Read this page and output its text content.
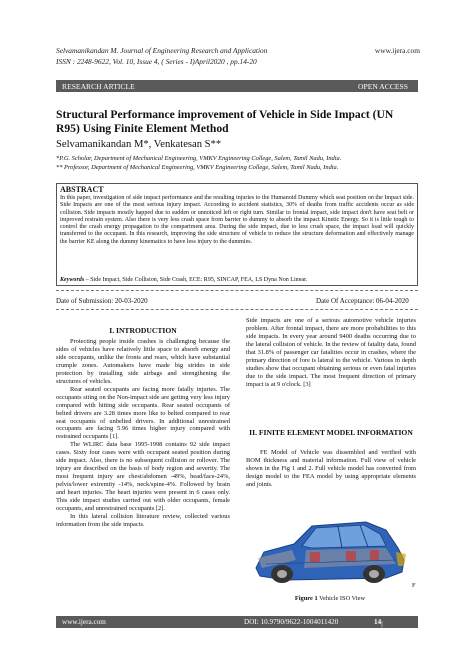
Selvamanikandan M. Journal of Engineering Research and Application	www.ijera.com
ISSN : 2248-9622, Vol. 10, Issue 4, ( Series - I)April2020 , pp.14-20
RESEARCH ARTICLE	OPEN ACCESS
Structural Performance improvement of Vehicle in Side Impact (UN R95) Using Finite Element Method
Selvamanikandan M*, Venkatesan S**
*P.G. Scholar, Department of Mechanical Engineering, VMKV Engineering College, Salem, Tamil Nadu, India.
** Professor, Department of Mechanical Engineering, VMKV Engineering College, Salem, Tamil Nadu, India.
ABSTRACT
In this paper, investigation of side impact performance and the resulting injuries to the Humanoid Dummy which seat position on the Impact side. Side Impacts are one of the most serious injury impact. According to accident statistics, 30% of deaths from traffic accidents occur as side collision. Side impacts mostly happed due to sudden or unnoticed left or right turn. Similar to frontal impact, side impact don't have seat belt or improved restrain system. Also there is very less crash space from barrier to dummy to absorb the impact Kinetic Energy. So it is little tough to control the crash energy propagation to the compartment area. During the side impact, due to less crush space, the impact load will quickly transferred to the occupant. In this research, improving the side structure of vehicle to reduce the structure deformation and effectively manage the barrier KE along the dummy kinematics to have less injury to the dummies.
Keywords – Side Impact, Side Collision, Side Crash, ECE: R95, SINCAP, FEA, LS Dyna Non Linear.
Date of Submission: 20-03-2020	Date Of Acceptance: 06-04-2020
I. INTRODUCTION

Protecting people inside crashes is challenging because the sides of vehicles have relatively little space to absorb energy and side occupants, unlike the fronts and rears, which have substantial crumple zones. Automakers have made big strides in side protection by installing side airbags and strengthening the structures of vehicles.

Rear seated occupants are facing more fatally injuries. The occupants siting on the Non-impact side are getting very less injury compared with hitting side occupants. Rear seated occupants of belted drivers are 3.28 times more like to belted compared to rear seat occupants of unbelted drivers. In additional unrestrained occupants are facing 5.96 times higher injury compared with restrained occupants [1].

The WLIRC data base 1995-1998 contains 92 side impact cases. Sixty four cases were with occupant seated position during side impact. Also, there is no subsequent collision or rollover. The injury are described on the basis of body region and severity. The most frequent injury are chest/abdomen -49%, head/face-24%, pelvis/lower extremity -14%, neck/spine-4%. Followed by brain and heart injuries. The heart injuries were present in 6 cases only. This side impact studies carried out with older occupants, female occupants, and unrestrained occupants [2].

In this lateral collision literature review, collected various information from the side impacts.

Side impacts are one of a serious automotive vehicle injuries problem. After frontal impact, there are more probabilities to this side impacts. In every year around 9400 deaths occurring due to the lateral collision of vehicle. In the review of fatality data, found that 31.8% of passenger car fatalities occur in crashes, where the primary direction of fore is lateral to the vehicle. Various in depth studies show that occupant obtaining serious or even fatal injuries due to the side impact. The most frequent direction of primary impact is at 9 o'clock. [3]

II. FINITE ELEMENT MODEL INFORMATION

FE Model of Vehicle was dissembled and verified with BOM thickness and material information. Full view of vehicle shown in the Fig 1 and 2. Full vehicle model has converted from design model to the FEA model by using appropriate elements and joints.

F
Figure 1 Vehicle ISO View
www.ijera.com	DOI: 10.9790/9622-1004011420	14 | P a g e
